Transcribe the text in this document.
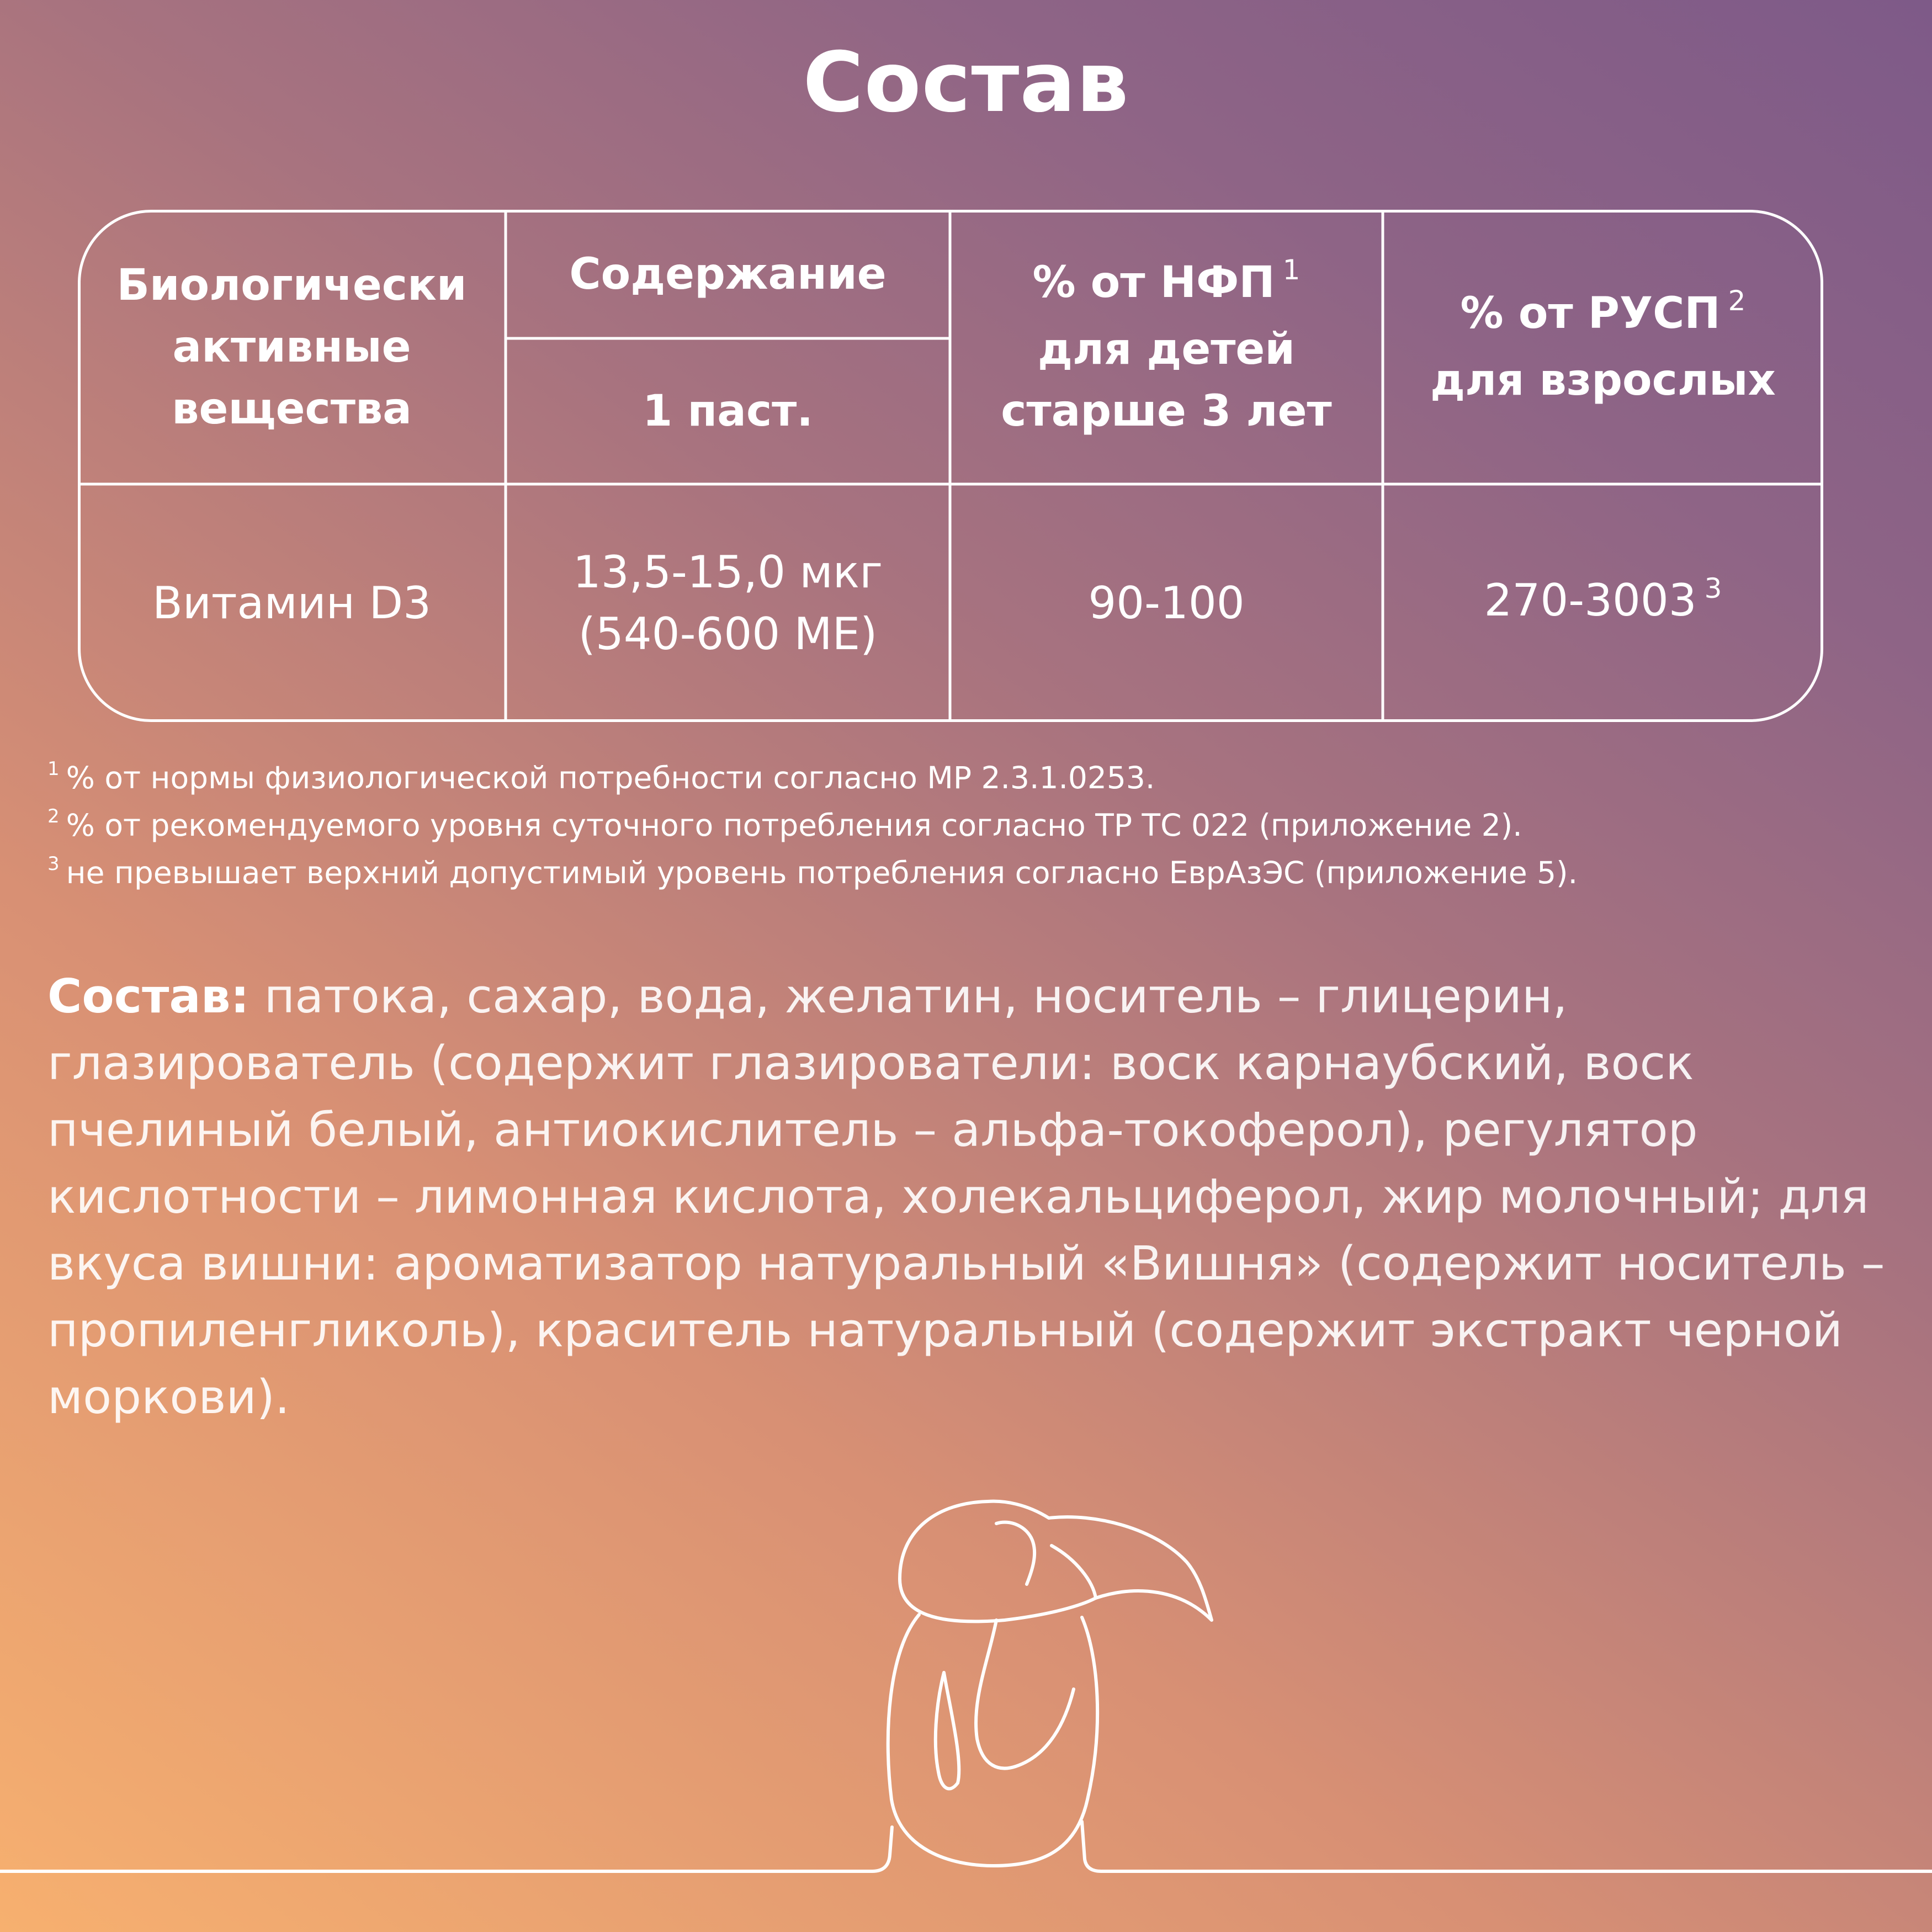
Состав
Биологически
активные
вещества
Содержание
1 паст.
% от НФП $^1$
для детей
старше 3 лет
% от РУСП $^2$
для взрослых
Витамин D3
13,5-15,0 мкг
(540-600 МЕ)
90-100	270-3003 $^3$
$^1$ % от нормы физиологической потребности согласно МР 2.3.1.0253.
$^2$ % от рекомендуемого уровня суточного потребления согласно ТР ТС 022 (приложение 2).
$^3$ не превышает верхний допустимый уровень потребления согласно ЕврАзЭС (приложение 5).
Состав: патока, сахар, вода, желатин, носитель – глицерин, глазирователь (содержит глазирователи: воск карнаубский, воск пчелиный белый, антиокислитель – альфа-токоферол), регулятор кислотности – лимонная кислота, холекальциферол, жир молочный; для вкуса вишни: ароматизатор натуральный «Вишня» (содержит носитель – пропиленгликоль), краситель натуральный (содержит экстракт черной моркови).
